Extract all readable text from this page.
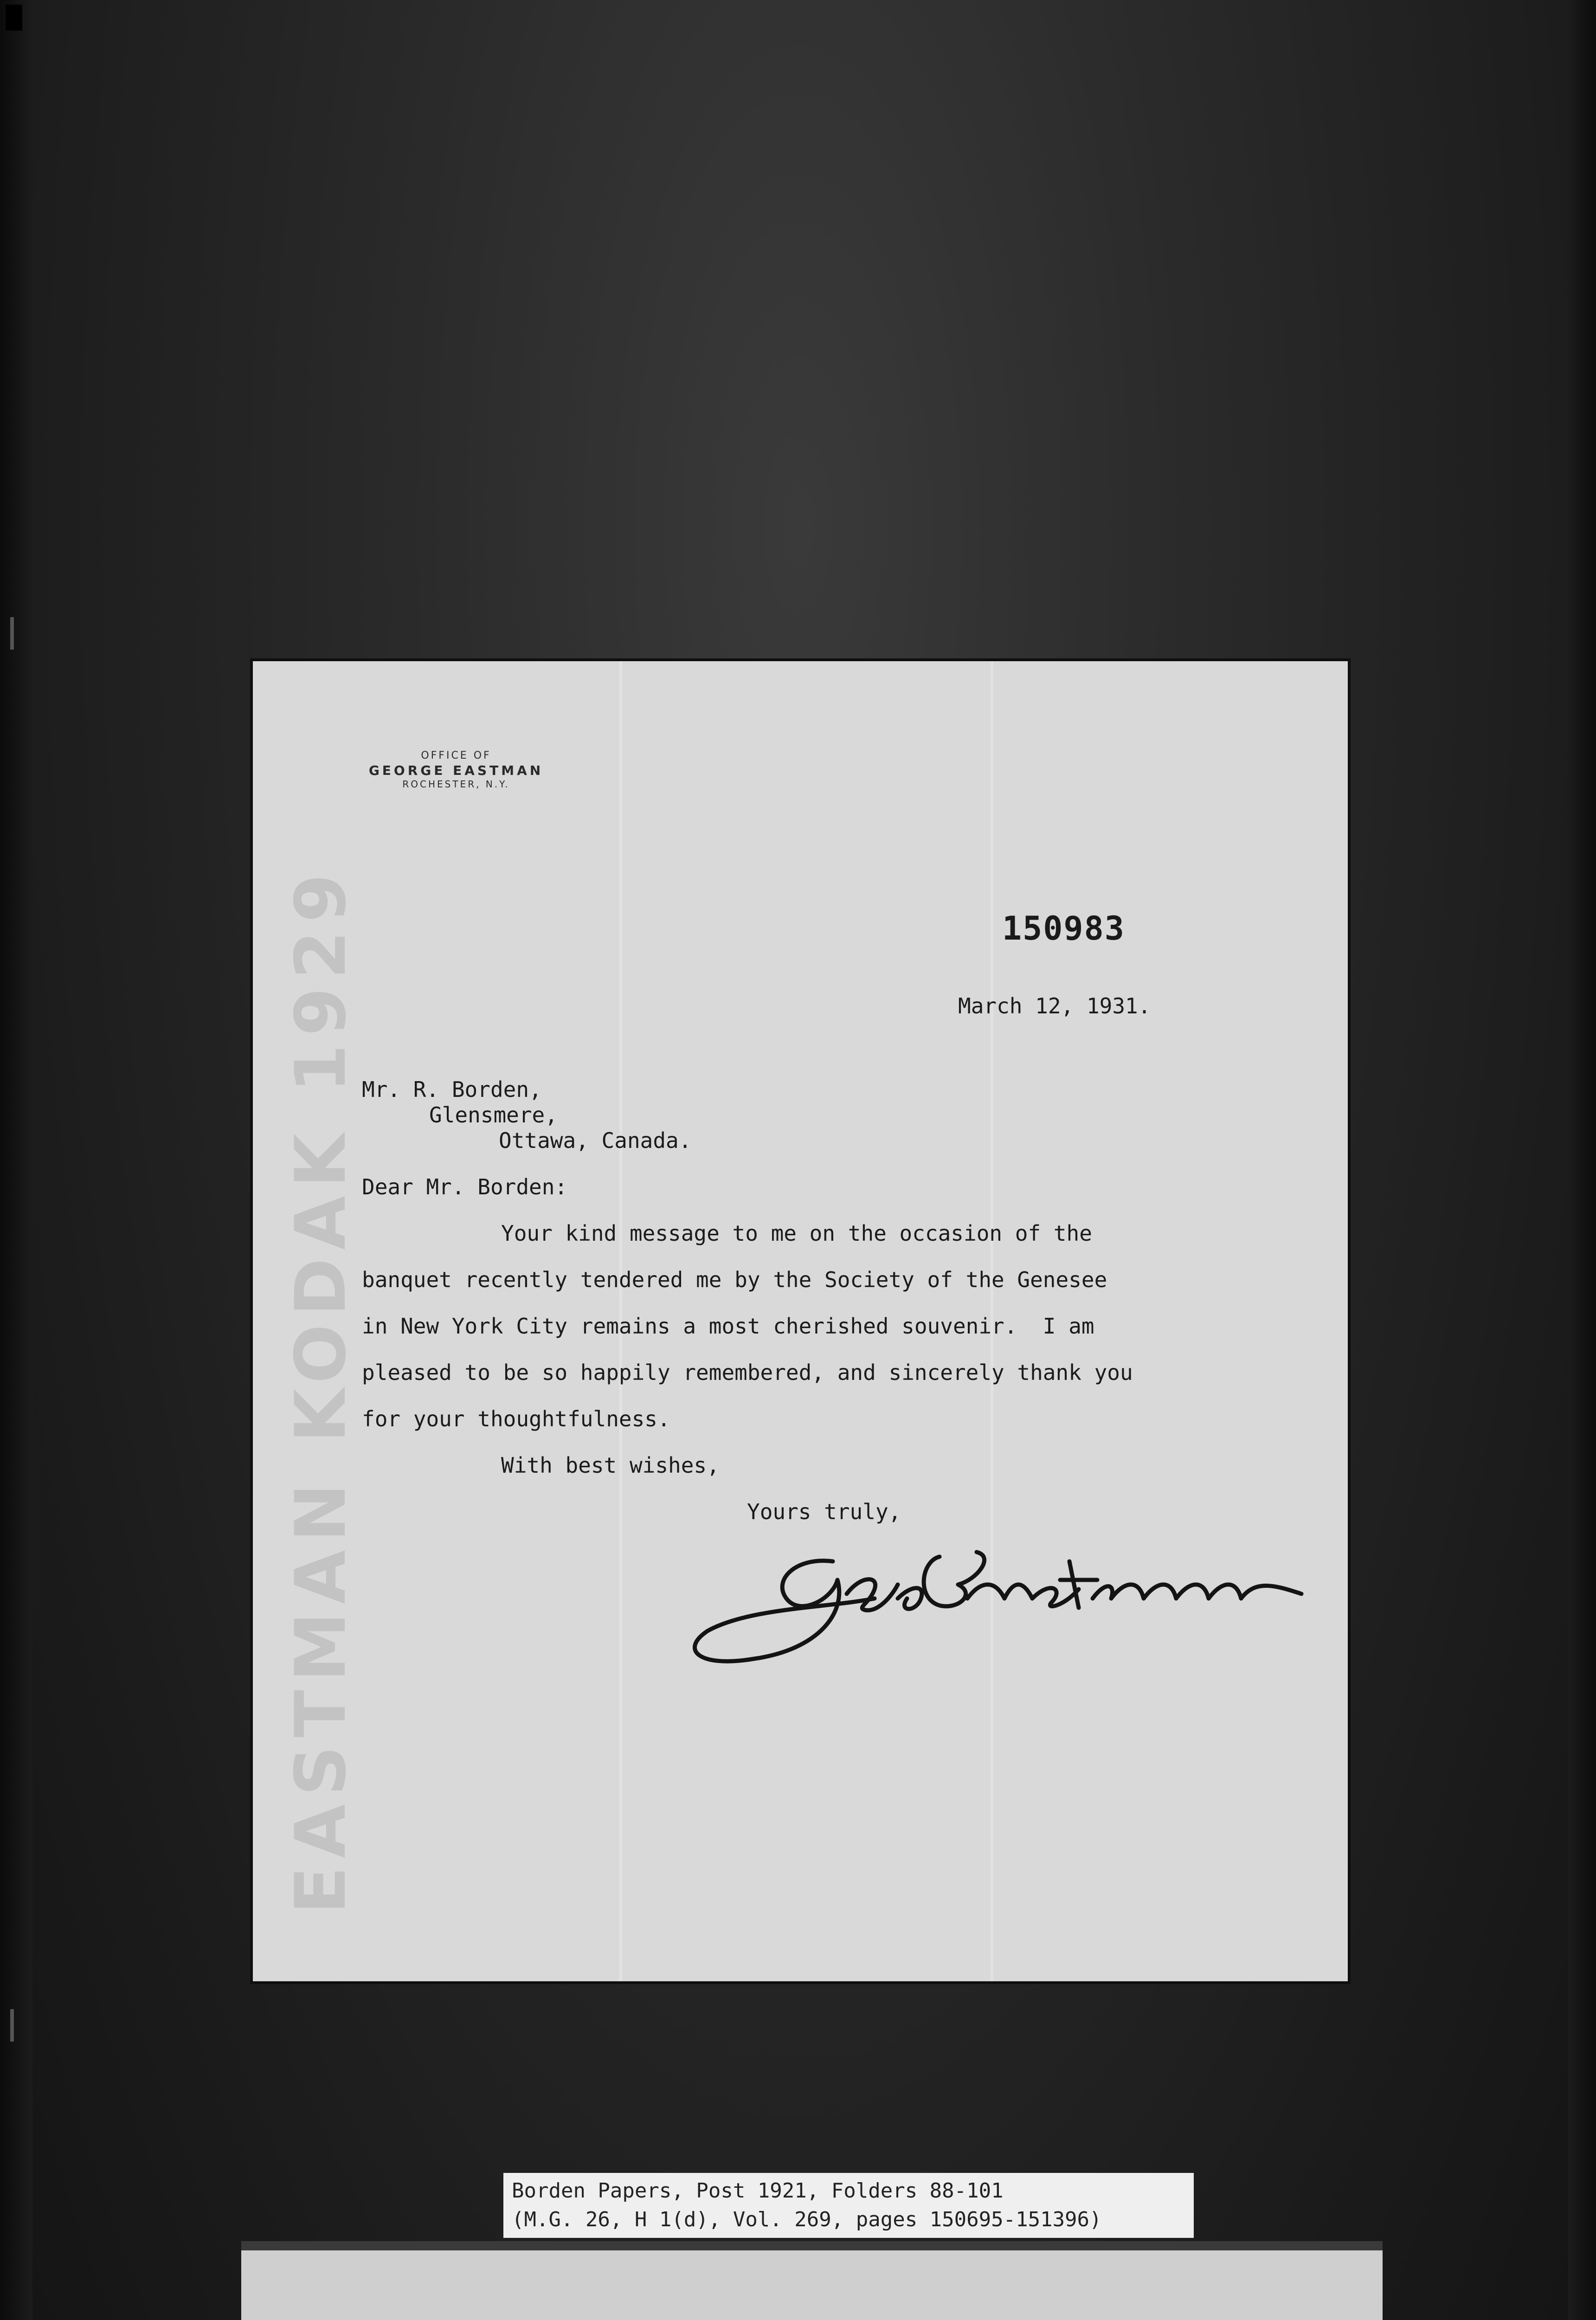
EASTMAN KODAK 1929
OFFICE OF
GEORGE EASTMAN
ROCHESTER, N.Y.
150983
March 12, 1931.
Mr. R. Borden,
Glensmere,
Ottawa, Canada.
Dear Mr. Borden:
Your kind message to me on the occasion of the
banquet recently tendered me by the Society of the Genesee
in New York City remains a most cherished souvenir.  I am
pleased to be so happily remembered, and sincerely thank you
for your thoughtfulness.
With best wishes,
Yours truly,
Borden Papers, Post 1921, Folders 88-101
(M.G. 26, H 1(d), Vol. 269, pages 150695-151396)
